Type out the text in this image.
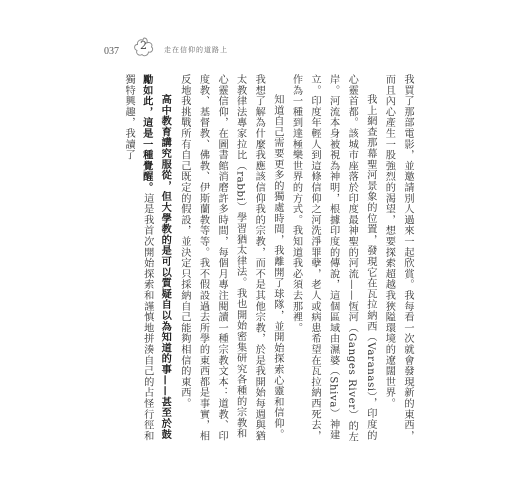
037 2 走在信仰的道路上

我買了那部電影，並邀請別人過來一起欣賞。我每看一次就會發現新的東西，而且內心產生一股強烈的渴望，想要探索超越我狹隘環境的遼闊世界。

我上網查那幕聖河景象的位置，發現它在瓦拉納西（Varanasi），印度的心靈首都。該城市座落於印度最神聖的河流——恆河（Ganges River）的左岸。河流本身被視為神明，根據印度的傳說，這個區域由濕婆（Shiva）神建立。印度年輕人到這條信仰之河洗淨罪孽，老人或病患希望在瓦拉納西死去，作為一種到達極樂世界的方式。我知道我必須去那裡。

知道自己需要更多的獨處時間，我離開了球隊，並開始探索心靈和信仰。我想了解為什麼我應該信仰我的宗教，而不是其他宗教，於是我開始每週與猶太教律法專家拉比（rabbi）學習猶太律法。我也開始密集研究各種的宗教和心靈信仰，在圖書館消磨許多時間，每個月專注閱讀一種宗教文本：道教、印度教、基督教、佛教、伊斯蘭教等等。我不假設過去所學的東西都是事實，相反地我挑戰所有自己既定的假設，並決定只採納自己能夠相信的東西。

高中教育講究服從，但大學教的是可以質疑自以為知道的事——甚至於鼓勵如此，這是一種覺醒。這是我首次開始探索和謹慎地拼湊自己的占怪行徑和獨特興趣，我讀了
